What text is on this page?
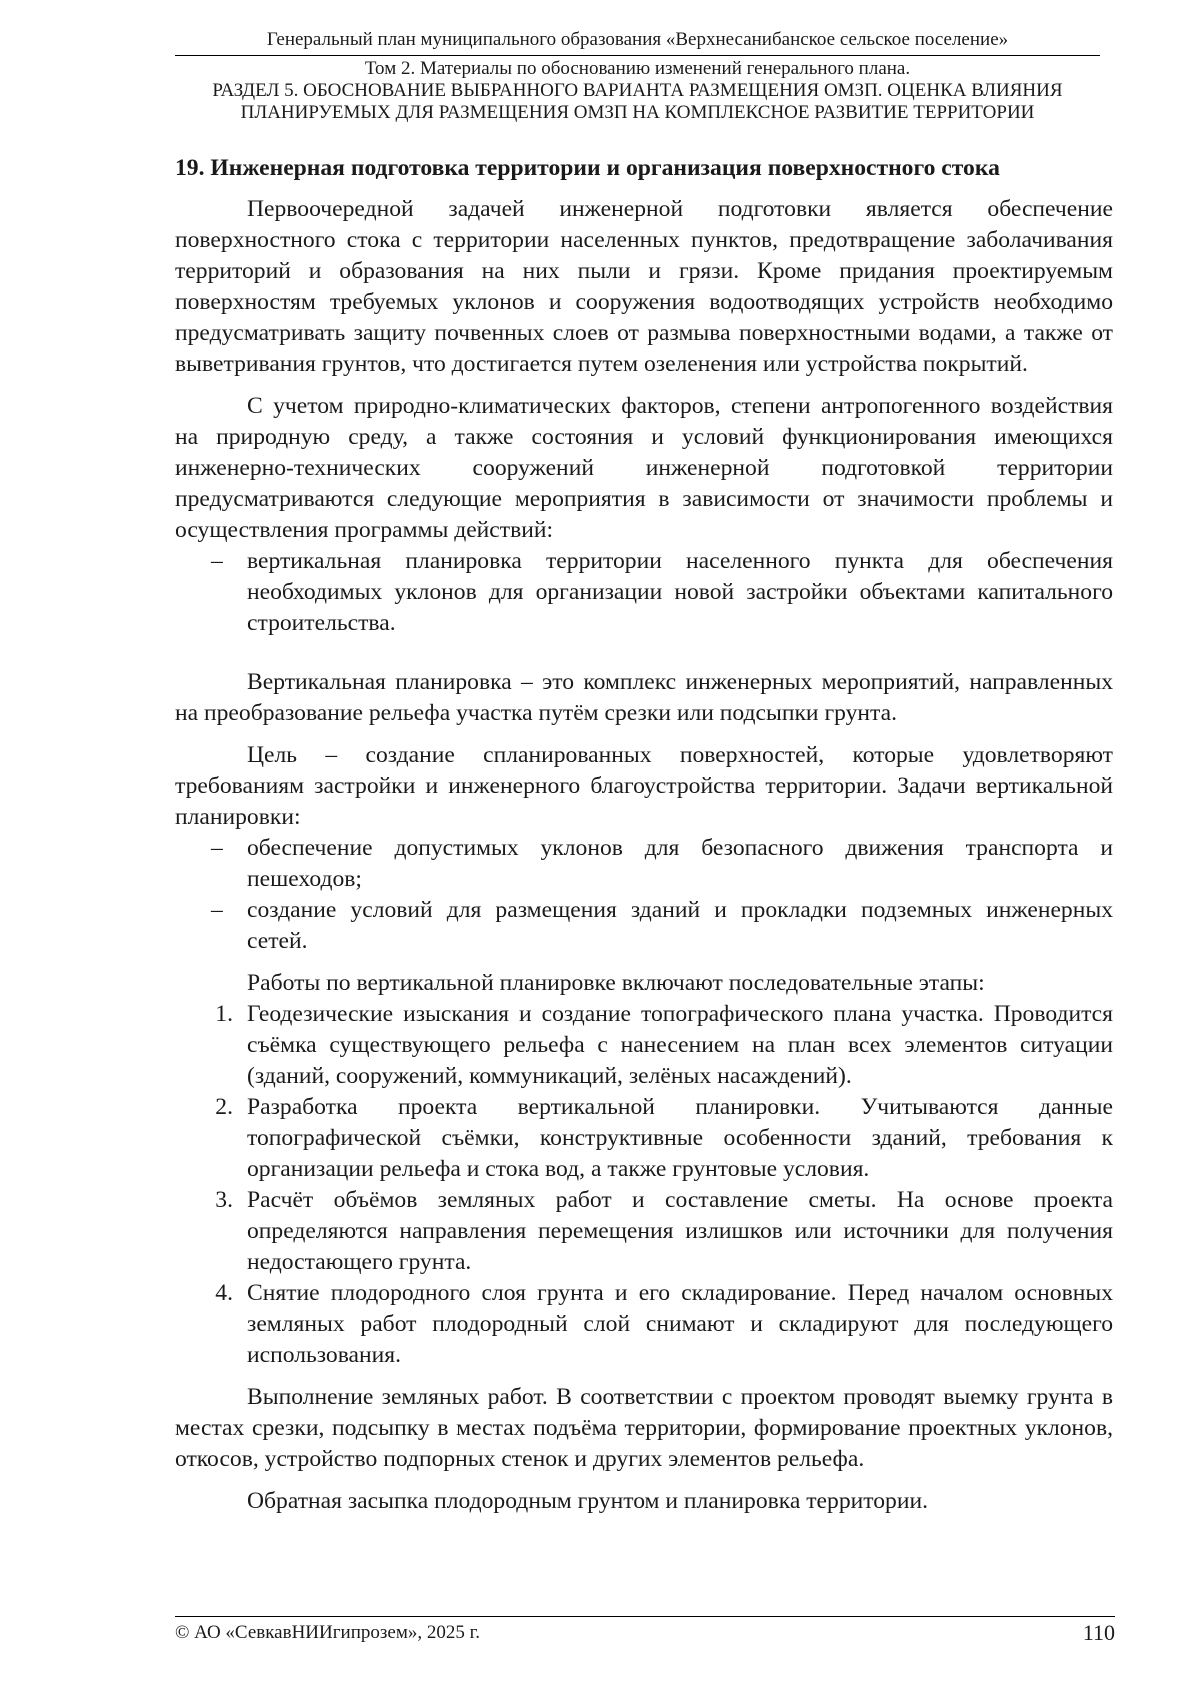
Генеральный план муниципального образования «Верхнесанибанское сельское поселение»
Том 2. Материалы по обоснованию изменений генерального плана.
РАЗДЕЛ 5. ОБОСНОВАНИЕ ВЫБРАННОГО ВАРИАНТА РАЗМЕЩЕНИЯ ОМЗП. ОЦЕНКА ВЛИЯНИЯ
ПЛАНИРУЕМЫХ ДЛЯ РАЗМЕЩЕНИЯ ОМЗП НА КОМПЛЕКСНОЕ РАЗВИТИЕ ТЕРРИТОРИИ
19. Инженерная подготовка территории и организация поверхностного стока

Первоочередной задачей инженерной подготовки является обеспечение поверхностного стока с территории населенных пунктов, предотвращение заболачивания территорий и образования на них пыли и грязи. Кроме придания проектируемым поверхностям требуемых уклонов и сооружения водоотводящих устройств необходимо предусматривать защиту почвенных слоев от размыва поверхностными водами, а также от выветривания грунтов, что достигается путем озеленения или устройства покрытий.

С учетом природно-климатических факторов, степени антропогенного воздействия на природную среду, а также состояния и условий функционирования имеющихся инженерно-технических сооружений инженерной подготовкой территории предусматриваются следующие мероприятия в зависимости от значимости проблемы и осуществления программы действий:

–	вертикальная планировка территории населенного пункта для обеспечения необходимых уклонов для организации новой застройки объектами капитального строительства.

Вертикальная планировка – это комплекс инженерных мероприятий, направленных на преобразование рельефа участка путём срезки или подсыпки грунта.

Цель – создание спланированных поверхностей, которые удовлетворяют требованиям застройки и инженерного благоустройства территории. Задачи вертикальной планировки:

–	обеспечение допустимых уклонов для безопасного движения транспорта и пешеходов;
–	создание условий для размещения зданий и прокладки подземных инженерных сетей.

Работы по вертикальной планировке включают последовательные этапы:

1. Геодезические изыскания и создание топографического плана участка. Проводится съёмка существующего рельефа с нанесением на план всех элементов ситуации (зданий, сооружений, коммуникаций, зелёных насаждений).
2. Разработка проекта вертикальной планировки. Учитываются данные топографической съёмки, конструктивные особенности зданий, требования к организации рельефа и стока вод, а также грунтовые условия.
3. Расчёт объёмов земляных работ и составление сметы. На основе проекта определяются направления перемещения излишков или источники для получения недостающего грунта.
4. Снятие плодородного слоя грунта и его складирование. Перед началом основных земляных работ плодородный слой снимают и складируют для последующего использования.

Выполнение земляных работ. В соответствии с проектом проводят выемку грунта в местах срезки, подсыпку в местах подъёма территории, формирование проектных уклонов, откосов, устройство подпорных стенок и других элементов рельефа.

Обратная засыпка плодородным грунтом и планировка территории.

© АО «СевкавНИИгипрозем», 2025 г.	110
